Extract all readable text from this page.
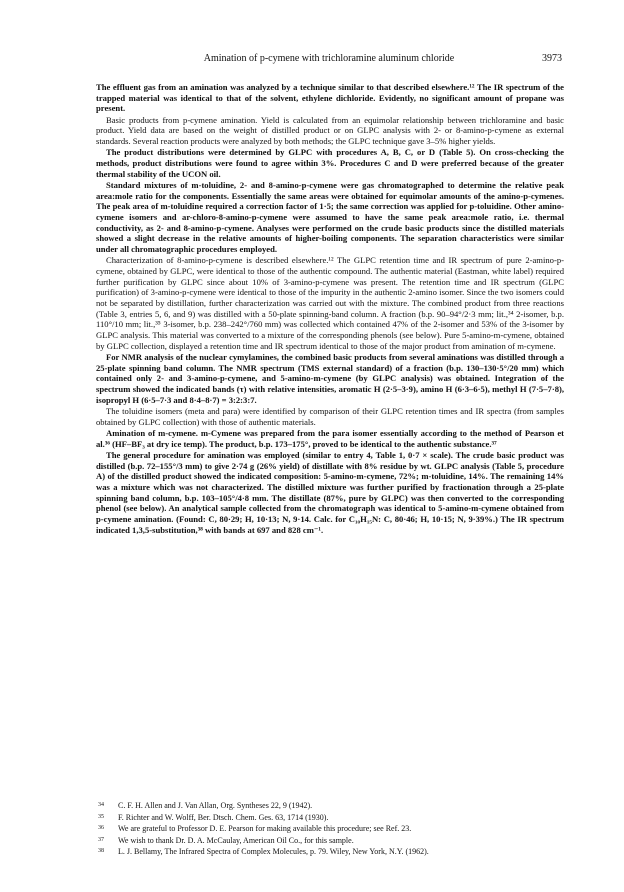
Amination of p-cymene with trichloramine aluminum chloride	3973

The effluent gas from an amination was analyzed by a technique similar to that described elsewhere.¹² The IR spectrum of the trapped material was identical to that of the solvent, ethylene dichloride. Evidently, no significant amount of propane was present.

Basic products from p-cymene amination. Yield is calculated from an equimolar relationship between trichloramine and basic product. Yield data are based on the weight of distilled product or on GLPC analysis with 2- or 8-amino-p-cymene as external standards. Several reaction products were analyzed by both methods; the GLPC technique gave 3–5% higher yields.

The product distributions were determined by GLPC with procedures A, B, C, or D (Table 5). On cross-checking the methods, product distributions were found to agree within 3%. Procedures C and D were preferred because of the greater thermal stability of the UCON oil.

Standard mixtures of m-toluidine, 2- and 8-amino-p-cymene were gas chromatographed to determine the relative peak area:mole ratio for the components. Essentially the same areas were obtained for equimolar amounts of the amino-p-cymenes. The peak area of m-toluidine required a correction factor of 1·5; the same correction was applied for p-toluidine. Other amino-cymene isomers and ar-chloro-8-amino-p-cymene were assumed to have the same peak area:mole ratio, i.e. thermal conductivity, as 2- and 8-amino-p-cymene. Analyses were performed on the crude basic products since the distilled materials showed a slight decrease in the relative amounts of higher-boiling components. The separation characteristics were similar under all chromatographic procedures employed.

Characterization of 8-amino-p-cymene is described elsewhere.¹² The GLPC retention time and IR spectrum of pure 2-amino-p-cymene, obtained by GLPC, were identical to those of the authentic compound. The authentic material (Eastman, white label) required further purification by GLPC since about 10% of 3-amino-p-cymene was present. The retention time and IR spectrum (GLPC purification) of 3-amino-p-cymene were identical to those of the impurity in the authentic 2-amino isomer. Since the two isomers could not be separated by distillation, further characterization was carried out with the mixture. The combined product from three reactions (Table 3, entries 5, 6, and 9) was distilled with a 50-plate spinning-band column. A fraction (b.p. 90–94°/2·3 mm; lit.,³⁴ 2-isomer, b.p. 110°/10 mm; lit.,³⁵ 3-isomer, b.p. 238–242°/760 mm) was collected which contained 47% of the 2-isomer and 53% of the 3-isomer by GLPC analysis. This material was converted to a mixture of the corresponding phenols (see below). Pure 5-amino-m-cymene, obtained by GLPC collection, displayed a retention time and IR spectrum identical to those of the major product from amination of m-cymene.

For NMR analysis of the nuclear cymylamines, the combined basic products from several aminations was distilled through a 25-plate spinning band column. The NMR spectrum (TMS external standard) of a fraction (b.p. 130–130·5°/20 mm) which contained only 2- and 3-amino-p-cymene, and 5-amino-m-cymene (by GLPC analysis) was obtained. Integration of the spectrum showed the indicated bands (τ) with relative intensities, aromatic H (2·5–3·9), amino H (6·3–6·5), methyl H (7·5–7·8), isopropyl H (6·5–7·3 and 8·4–8·7) = 3:2:3:7.

The toluidine isomers (meta and para) were identified by comparison of their GLPC retention times and IR spectra (from samples obtained by GLPC collection) with those of authentic materials.

Amination of m-cymene. m-Cymene was prepared from the para isomer essentially according to the method of Pearson et al.³⁶ (HF–BF₃ at dry ice temp). The product, b.p. 173–175°, proved to be identical to the authentic substance.³⁷

The general procedure for amination was employed (similar to entry 4, Table 1, 0·7 × scale). The crude basic product was distilled (b.p. 72–155°/3 mm) to give 2·74 g (26% yield) of distillate with 8% residue by wt. GLPC analysis (Table 5, procedure A) of the distilled product showed the indicated composition: 5-amino-m-cymene, 72%; m-toluidine, 14%. The remaining 14% was a mixture which was not characterized. The distilled mixture was further purified by fractionation through a 25-plate spinning band column, b.p. 103–105°/4·8 mm. The distillate (87%, pure by GLPC) was then converted to the corresponding phenol (see below). An analytical sample collected from the chromatograph was identical to 5-amino-m-cymene obtained from p-cymene amination. (Found: C, 80·29; H, 10·13; N, 9·14. Calc. for C₁₀H₁₅N: C, 80·46; H, 10·15; N, 9·39%.) The IR spectrum indicated 1,3,5-substitution,³⁸ with bands at 697 and 828 cm⁻¹.

34 C. F. H. Allen and J. Van Allan, Org. Syntheses 22, 9 (1942).

35 F. Richter and W. Wolff, Ber. Dtsch. Chem. Ges. 63, 1714 (1930).

36 We are grateful to Professor D. E. Pearson for making available this procedure; see Ref. 23.

37 We wish to thank Dr. D. A. McCaulay, American Oil Co., for this sample.

38 L. J. Bellamy, The Infrared Spectra of Complex Molecules, p. 79. Wiley, New York, N.Y. (1962).
